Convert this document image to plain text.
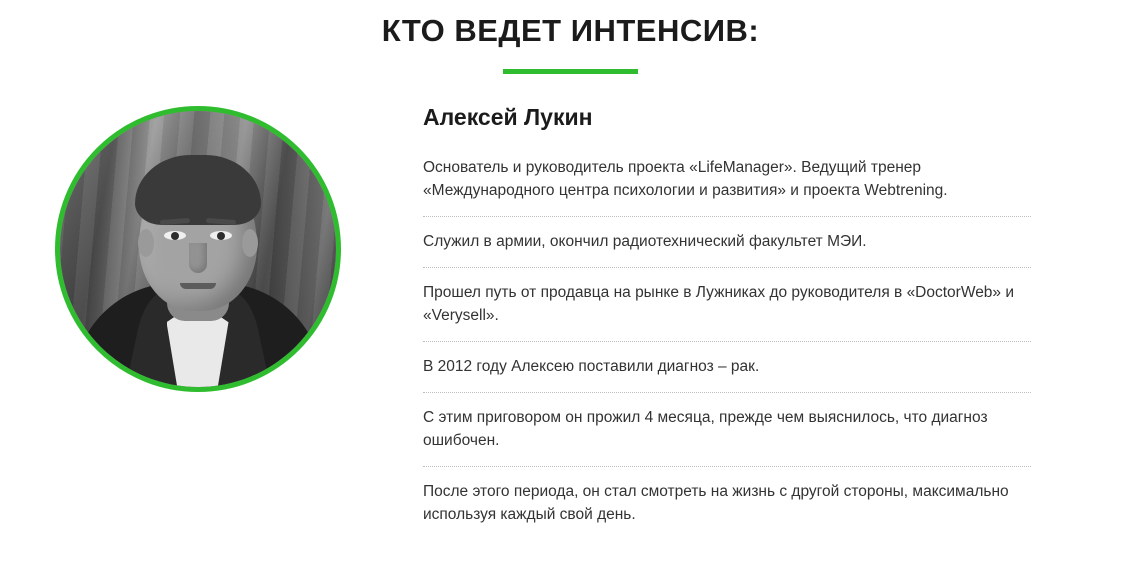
КТО ВЕДЕТ ИНТЕНСИВ:
Алексей Лукин
Основатель и руководитель проекта «LifeManager». Ведущий тренер «Международного центра психологии и развития» и проекта Webtrening.
Служил в армии, окончил радиотехнический факультет МЭИ.
Прошел путь от продавца на рынке в Лужниках до руководителя в «DoctorWeb» и «Verysell».
В 2012 году Алексею поставили диагноз – рак.
С этим приговором он прожил 4 месяца, прежде чем выяснилось, что диагноз ошибочен.
После этого периода, он стал смотреть на жизнь с другой стороны, максимально используя каждый свой день.
